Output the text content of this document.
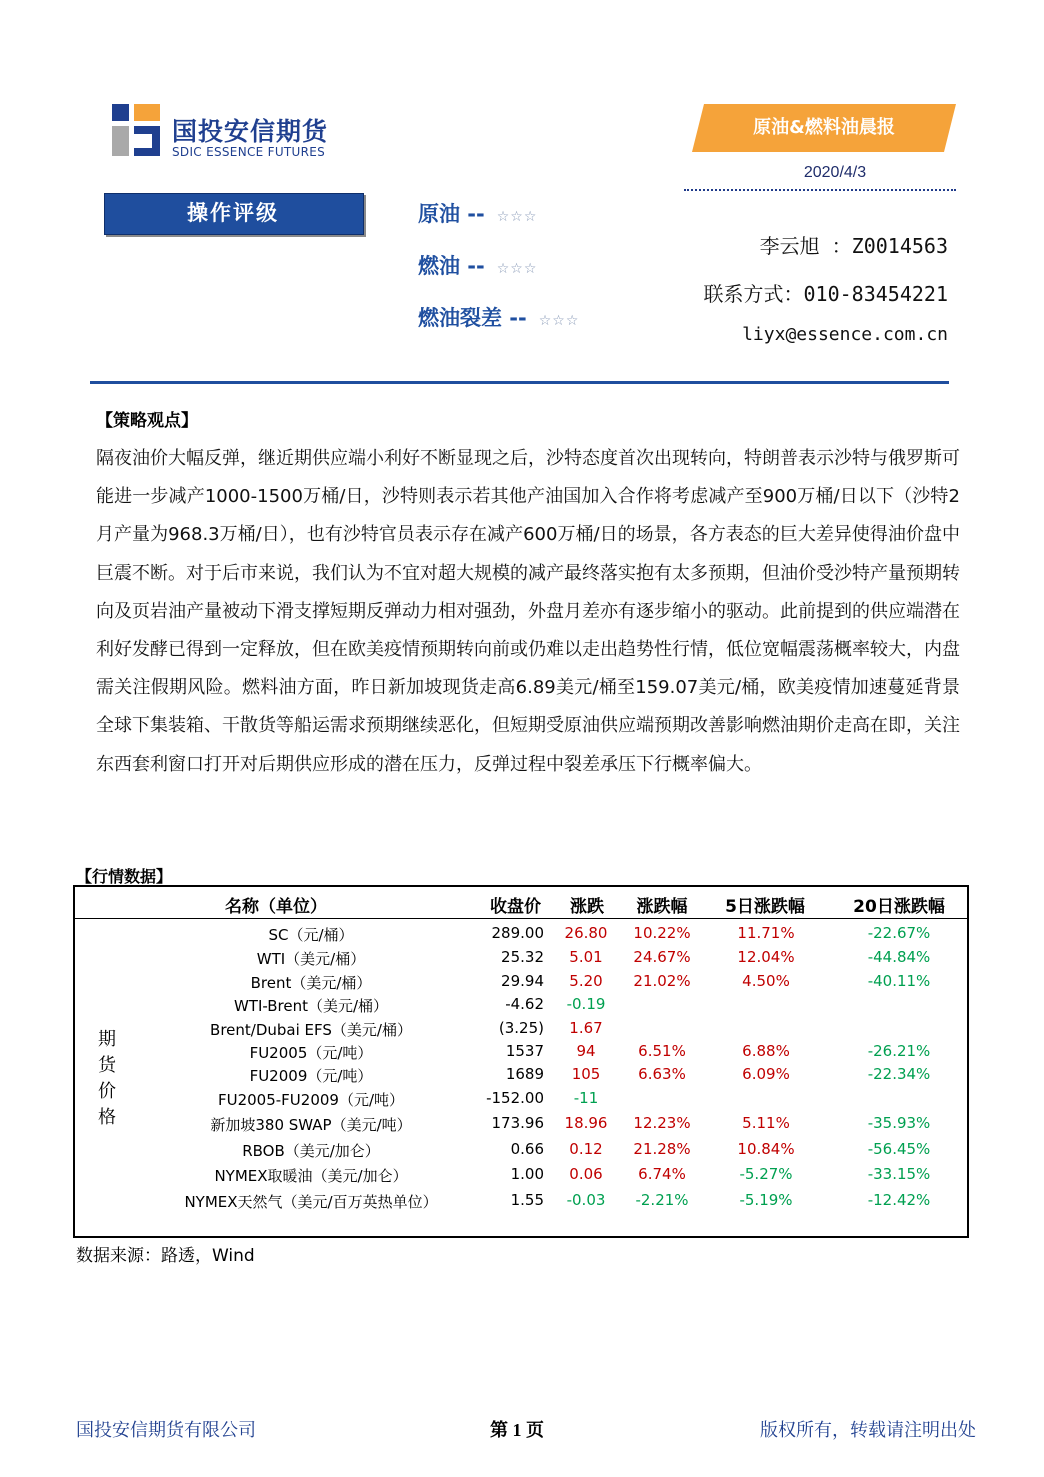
国投安信期货
SDIC ESSENCE FUTURES
原油&燃料油晨报
2020/4/3
操作评级	原油 -- ☆☆☆
燃油 -- ☆☆☆
燃油裂差 -- ☆☆☆
李云旭 ：Z0014563
联系方式：010-83454221
liyx@essence.com.cn
【策略观点】
隔夜油价大幅反弹，继近期供应端小利好不断显现之后，沙特态度首次出现转向，特朗普表示沙特与俄罗斯可能进一步减产1000-1500万桶/日，沙特则表示若其他产油国加入合作将考虑减产至900万桶/日以下（沙特2月产量为968.3万桶/日），也有沙特官员表示存在减产600万桶/日的场景，各方表态的巨大差异使得油价盘中巨震不断。对于后市来说，我们认为不宜对超大规模的减产最终落实抱有太多预期，但油价受沙特产量预期转向及页岩油产量被动下滑支撑短期反弹动力相对强劲，外盘月差亦有逐步缩小的驱动。此前提到的供应端潜在利好发酵已得到一定释放，但在欧美疫情预期转向前或仍难以走出趋势性行情，低位宽幅震荡概率较大，内盘需关注假期风险。燃料油方面，昨日新加坡现货走高6.89美元/桶至159.07美元/桶，欧美疫情加速蔓延背景全球下集装箱、干散货等船运需求预期继续恶化，但短期受原油供应端预期改善影响燃油期价走高在即，关注东西套利窗口打开对后期供应形成的潜在压力，反弹过程中裂差承压下行概率偏大。
【行情数据】
名称（单位）	收盘价 涨跌 涨跌幅 5日涨跌幅	20日涨跌幅
期货价格
SC（元/桶）	289.00 26.80 10.22%	11.71%	-22.67%
WTI（美元/桶）	25.32 5.01 24.67%	12.04%	-44.84%
Brent（美元/桶）	29.94 5.20 21.02%	4.50%	-40.11%
WTI-Brent（美元/桶）	-4.62 -0.19
Brent/Dubai EFS（美元/桶）	(3.25) 1.67
FU2005（元/吨）	1537 94	6.51%	6.88%	-26.21%
FU2009（元/吨）	1689 105	6.63%	6.09%	-22.34%
FU2005-FU2009（元/吨）	-152.00 -11
新加坡380 SWAP（美元/吨）	173.96 18.96 12.23%	5.11%	-35.93%
RBOB（美元/加仑）	0.66 0.12 21.28%	10.84%	-56.45%
NYMEX取暖油（美元/加仑）	1.00 0.06 6.74%	-5.27%	-33.15%
NYMEX天然气（美元/百万英热单位）	1.55 -0.03 -2.21%	-5.19%	-12.42%
数据来源：路透，Wind
国投安信期货有限公司	第 1 页	版权所有，转载请注明出处
